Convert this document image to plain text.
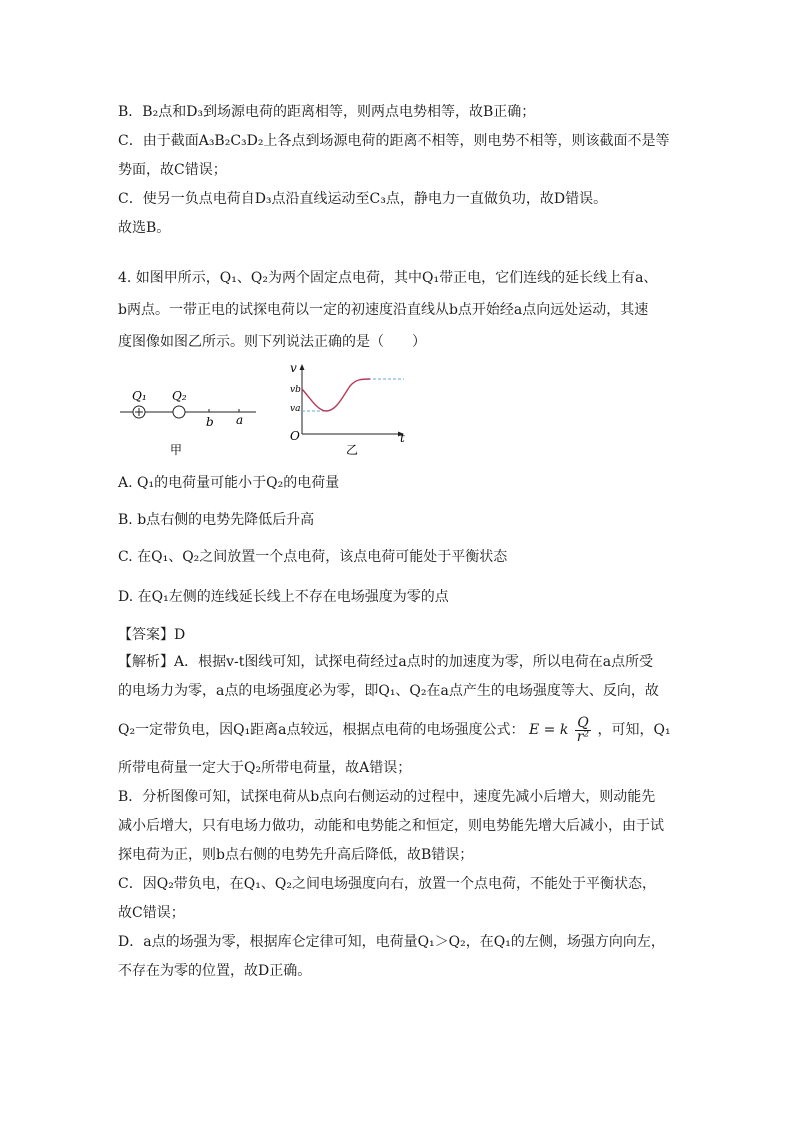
B．B₂点和D₃到场源电荷的距离相等，则两点电势相等，故B正确；
C．由于截面A₃B₂C₃D₂上各点到场源电荷的距离不相等，则电势不相等，则该截面不是等
势面，故C错误；
C．使另一负点电荷自D₃点沿直线运动至C₃点，静电力一直做负功，故D错误。
故选B。
4. 如图甲所示，Q₁、Q₂为两个固定点电荷，其中Q₁带正电，它们连线的延长线上有a、
b两点。一带正电的试探电荷以一定的初速度沿直线从b点开始经a点向远处运动，其速
度图像如图乙所示。则下列说法正确的是（　　）
Q₁ Q₂
b a
甲
v
t
O
vb
va
乙

A. Q₁的电荷量可能小于Q₂的电荷量

B. b点右侧的电势先降低后升高

C. 在Q₁、Q₂之间放置一个点电荷，该点电荷可能处于平衡状态

D. 在Q₁左侧的连线延长线上不存在电场强度为零的点

【答案】D

【解析】A．根据v-t图线可知，试探电荷经过a点时的加速度为零，所以电荷在a点所受
的电场力为零，a点的电场强度必为零，即Q₁、Q₂在a点产生的电场强度等大、反向，故
Q₂一定带负电，因Q₁距离a点较远，根据点电荷的电场强度公式： E = k $\frac{Q}{\text{r²}}$ ，可知，Q₁
所带电荷量一定大于Q₂所带电荷量，故A错误；
B．分析图像可知，试探电荷从b点向右侧运动的过程中，速度先减小后增大，则动能先
减小后增大，只有电场力做功，动能和电势能之和恒定，则电势能先增大后减小，由于试
探电荷为正，则b点右侧的电势先升高后降低，故B错误；
C．因Q₂带负电，在Q₁、Q₂之间电场强度向右，放置一个点电荷，不能处于平衡状态，
故C错误；
D．a点的场强为零，根据库仑定律可知，电荷量Q₁＞Q₂，在Q₁的左侧，场强方向向左，
不存在为零的位置，故D正确。
